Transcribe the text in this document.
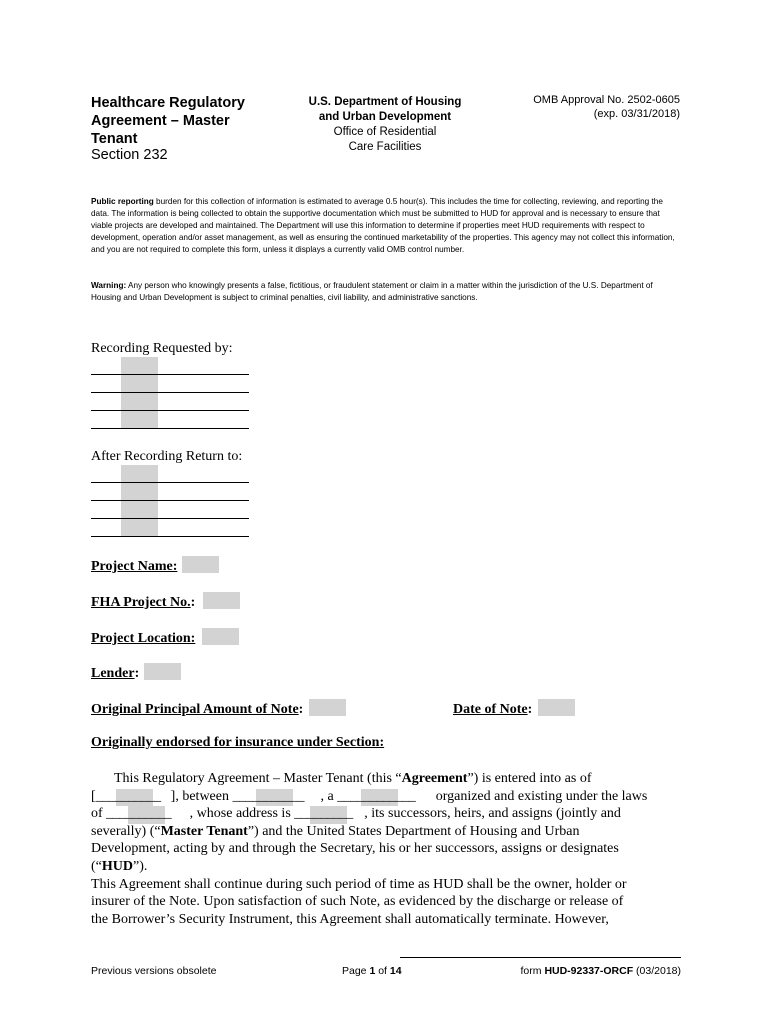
Healthcare Regulatory
Agreement – Master
Tenant
Section 232
U.S. Department of Housing
and Urban Development
Office of Residential
Care Facilities
OMB Approval No. 2502-0605
(exp. 03/31/2018)
Public reporting burden for this collection of information is estimated to average 0.5 hour(s). This includes the time for collecting, reviewing, and reporting the data. The information is being collected to obtain the supportive documentation which must be submitted to HUD for approval and is necessary to ensure that viable projects are developed and maintained. The Department will use this information to determine if properties meet HUD requirements with respect to development, operation and/or asset management, as well as ensuring the continued marketability of the properties. This agency may not collect this information, and you are not required to complete this form, unless it displays a currently valid OMB control number.
Warning: Any person who knowingly presents a false, fictitious, or fraudulent statement or claim in a matter within the jurisdiction of the U.S. Department of Housing and Urban Development is subject to criminal penalties, civil liability, and administrative sanctions.
Recording Requested by:
After Recording Return to:
Project Name:
FHA Project No.:
Project Location:
Lender:
Original Principal Amount of Note:	Date of Note:
Originally endorsed for insurance under Section:
This Regulatory Agreement – Master Tenant (this “Agreement”) is entered into as of
[
__________ ], between ___________ , a ____________ organized and existing under the laws
of __________ , whose address is _________ , its successors, heirs, and assigns (jointly and
severally) (“Master Tenant”) and the United States Department of Housing and Urban
Development, acting by and through the Secretary, his or her successors, assigns or designates
(“HUD”).
This Agreement shall continue during such period of time as HUD shall be the owner, holder or
insurer of the Note. Upon satisfaction of such Note, as evidenced by the discharge or release of
the Borrower’s Security Instrument, this Agreement shall automatically terminate. However,
Previous versions obsolete	Page 1 of 14	form HUD-92337-ORCF (03/2018)
